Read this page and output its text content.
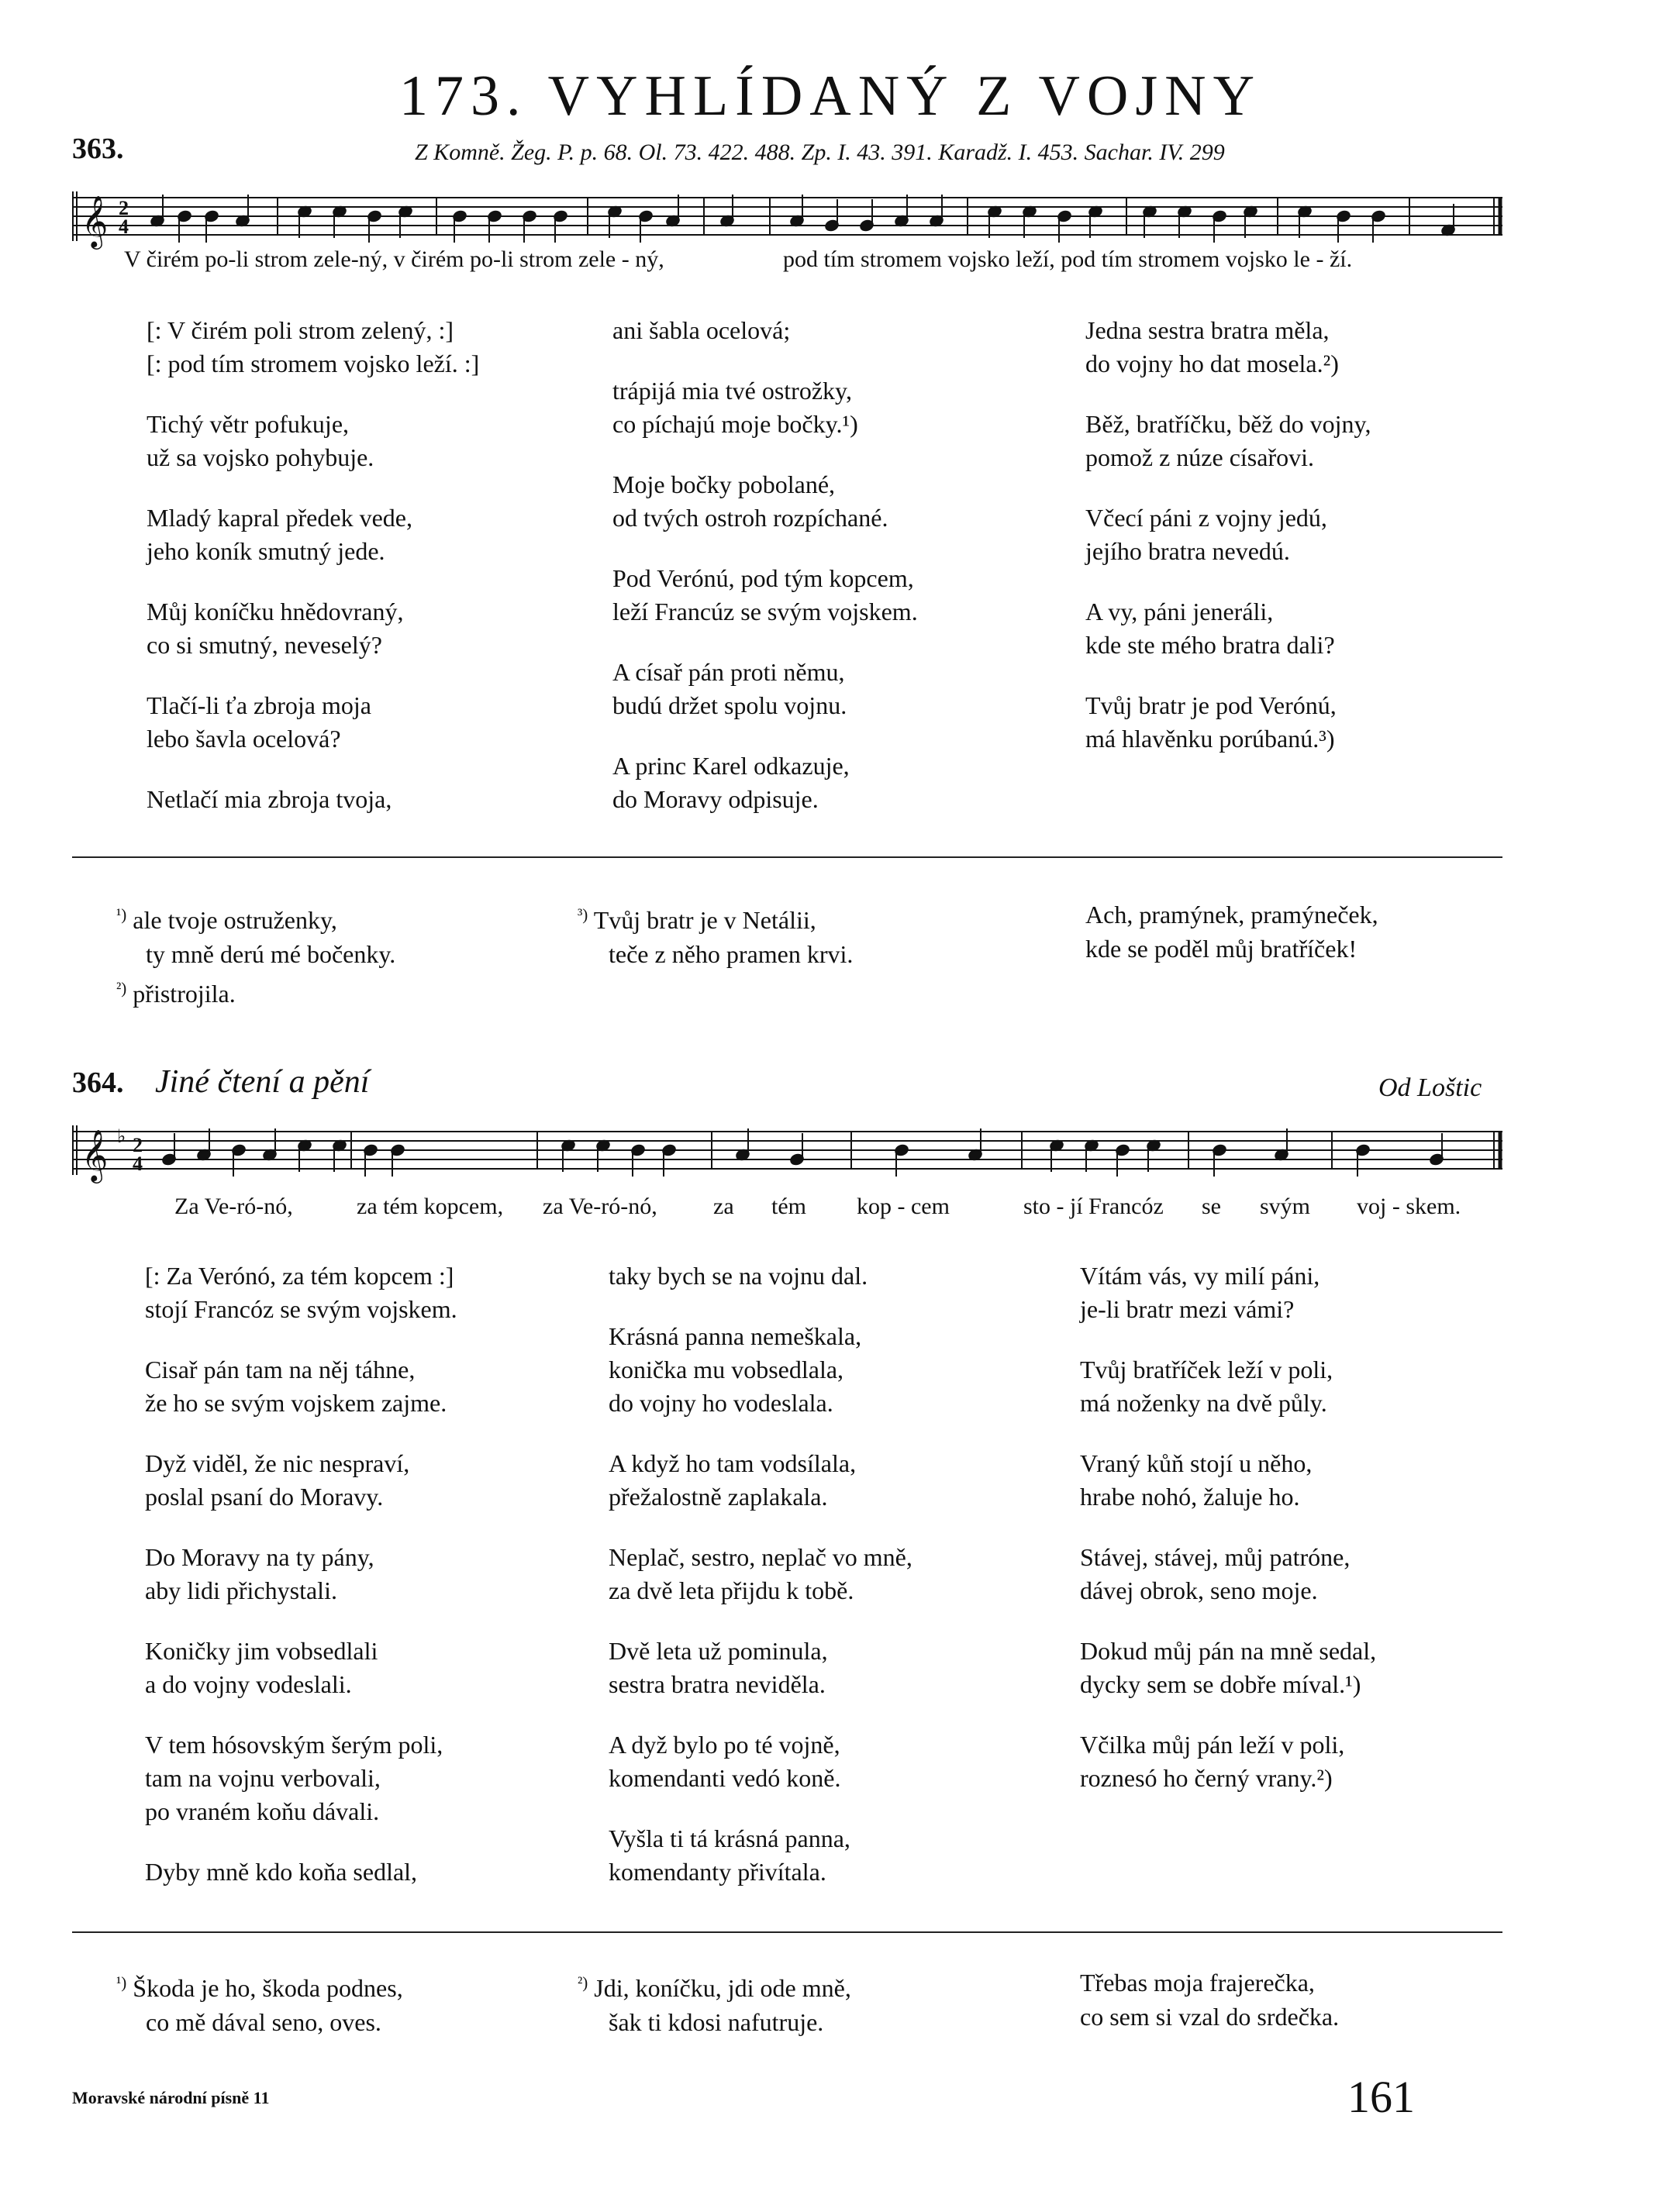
173. VYHLÍDANÝ Z VOJNY
363.	Z Komně. Žeg. P. p. 68. Ol. 73. 422. 488. Zp. I. 43. 391. Karadž. I. 453. Sachar. IV. 299
𝄞 2
4
V čirém po-li strom zele-ný, v čirém po-li strom zele - ný,	pod tím stromem vojsko leží, pod tím stromem vojsko le - ží.

[: V čirém poli strom zelený, :]

[: pod tím stromem vojsko leží. :]

Tichý větr pofukuje,

už sa vojsko pohybuje.

Mladý kapral předek vede,

jeho koník smutný jede.

Můj koníčku hnědovraný,

co si smutný, neveselý?

Tlačí-li ťa zbroja moja

lebo šavla ocelová?

Netlačí mia zbroja tvoja,

ani šabla ocelová;

trápijá mia tvé ostrožky,

co píchajú moje bočky.¹)

Moje bočky pobolané,

od tvých ostroh rozpíchané.

Pod Verónú, pod tým kopcem,

leží Francúz se svým vojskem.

A císař pán proti němu,

budú držet spolu vojnu.

A princ Karel odkazuje,

do Moravy odpisuje.

Jedna sestra bratra měla,

do vojny ho dat mosela.²)

Běž, bratříčku, běž do vojny,

pomož z núze císařovi.

Včecí páni z vojny jedú,

jejího bratra nevedú.

A vy, páni jeneráli,

kde ste mého bratra dali?

Tvůj bratr je pod Verónú,

má hlavěnku porúbanú.³)

$^{^1)}$ ale tvoje ostruženky,
ty mně derú mé bočenky.
$^{^2)}$ přistrojila.
$^{^3)}$ Tvůj bratr je v Netálii,
teče z něho pramen krvi.
Ach, pramýnek, pramýneček,
kde se poděl můj bratříček!
364. Jiné čtení a pění	Od Loštic
𝄞 ♭ 2
4
Za Ve-ró-nó,	za tém kopcem, za Ve-ró-nó, za tém kop - cem	sto - jí Francóz se svým voj - skem.

[: Za Verónó, za tém kopcem :]

stojí Francóz se svým vojskem.

Cisař pán tam na něj táhne,

že ho se svým vojskem zajme.

Dyž viděl, že nic nespraví,

poslal psaní do Moravy.

Do Moravy na ty pány,

aby lidi přichystali.

Koničky jim vobsedlali

a do vojny vodeslali.

V tem hósovským šerým poli,

tam na vojnu verbovali,

po vraném koňu dávali.

Dyby mně kdo koňa sedlal,

taky bych se na vojnu dal.

Krásná panna nemeškala,

konička mu vobsedlala,

do vojny ho vodeslala.

A když ho tam vodsílala,

přežalostně zaplakala.

Neplač, sestro, neplač vo mně,

za dvě leta přijdu k tobě.

Dvě leta už pominula,

sestra bratra neviděla.

A dyž bylo po té vojně,

komendanti vedó koně.

Vyšla ti tá krásná panna,

komendanty přivítala.

Vítám vás, vy milí páni,

je-li bratr mezi vámi?

Tvůj bratříček leží v poli,

má noženky na dvě půly.

Vraný kůň stojí u něho,

hrabe nohó, žaluje ho.

Stávej, stávej, můj patróne,

dávej obrok, seno moje.

Dokud můj pán na mně sedal,

dycky sem se dobře míval.¹)

Včilka můj pán leží v poli,

roznesó ho černý vrany.²)

$^{^1)}$ Škoda je ho, škoda podnes,
co mě dával seno, oves.
$^{^2)}$ Jdi, koníčku, jdi ode mně,
šak ti kdosi nafutruje.
Třebas moja frajerečka,
co sem si vzal do srdečka.
Moravské národní písně 11	161
